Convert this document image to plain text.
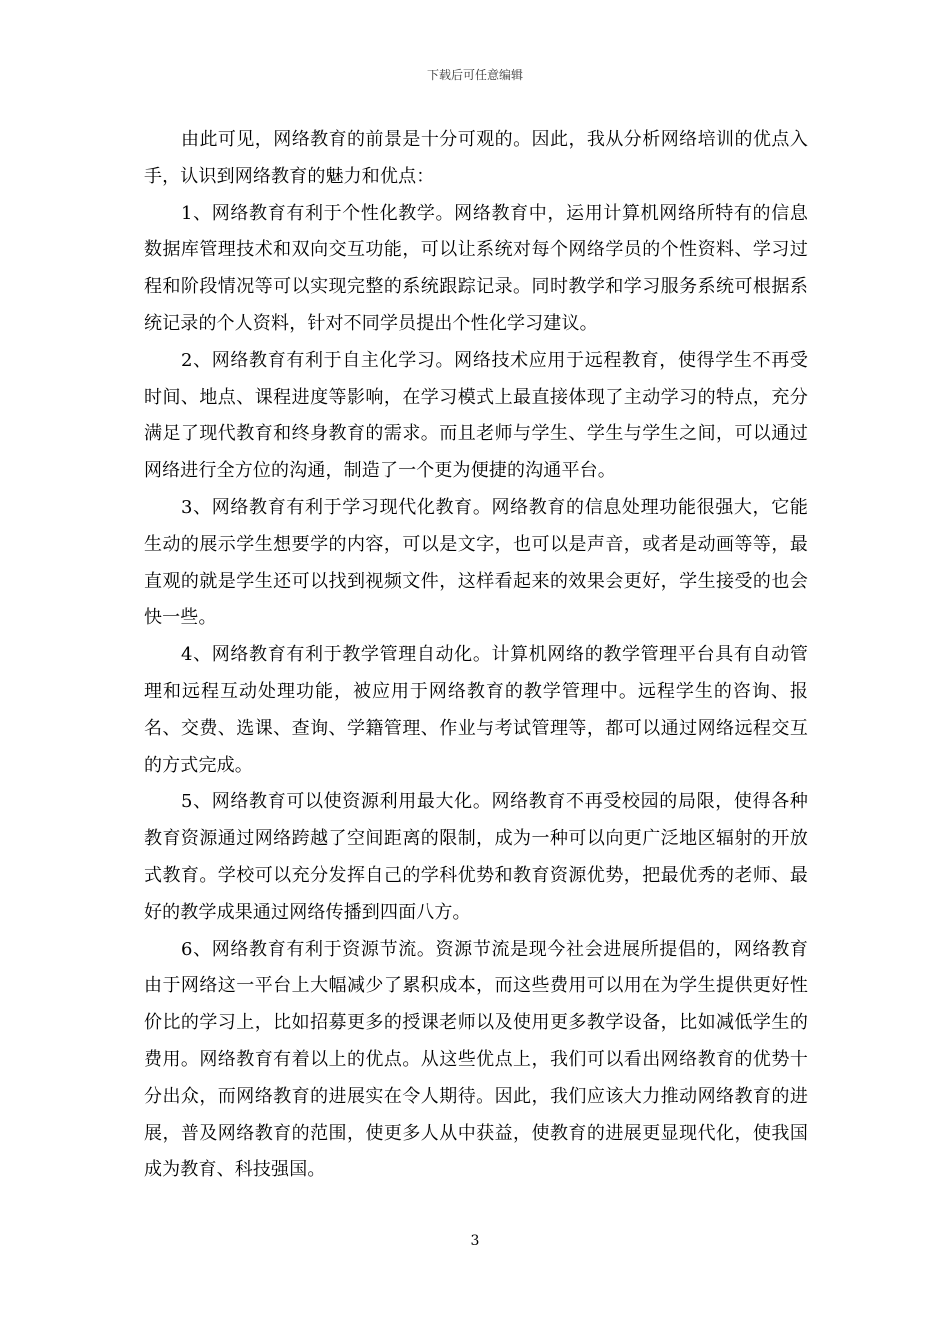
下载后可任意编辑

由此可见，网络教育的前景是十分可观的。因此，我从分析网络培训的优点入手，认识到网络教育的魅力和优点：

1、网络教育有利于个性化教学。网络教育中，运用计算机网络所特有的信息数据库管理技术和双向交互功能，可以让系统对每个网络学员的个性资料、学习过程和阶段情况等可以实现完整的系统跟踪记录。同时教学和学习服务系统可根据系统记录的个人资料，针对不同学员提出个性化学习建议。

2、网络教育有利于自主化学习。网络技术应用于远程教育，使得学生不再受时间、地点、课程进度等影响，在学习模式上最直接体现了主动学习的特点，充分满足了现代教育和终身教育的需求。而且老师与学生、学生与学生之间，可以通过网络进行全方位的沟通，制造了一个更为便捷的沟通平台。

3、网络教育有利于学习现代化教育。网络教育的信息处理功能很强大，它能生动的展示学生想要学的内容，可以是文字，也可以是声音，或者是动画等等，最直观的就是学生还可以找到视频文件，这样看起来的效果会更好，学生接受的也会快一些。

4、网络教育有利于教学管理自动化。计算机网络的教学管理平台具有自动管理和远程互动处理功能，被应用于网络教育的教学管理中。远程学生的咨询、报名、交费、选课、查询、学籍管理、作业与考试管理等，都可以通过网络远程交互的方式完成。

5、网络教育可以使资源利用最大化。网络教育不再受校园的局限，使得各种教育资源通过网络跨越了空间距离的限制，成为一种可以向更广泛地区辐射的开放式教育。学校可以充分发挥自己的学科优势和教育资源优势，把最优秀的老师、最好的教学成果通过网络传播到四面八方。

6、网络教育有利于资源节流。资源节流是现今社会进展所提倡的，网络教育由于网络这一平台上大幅减少了累积成本，而这些费用可以用在为学生提供更好性价比的学习上，比如招募更多的授课老师以及使用更多教学设备，比如减低学生的费用。网络教育有着以上的优点。从这些优点上，我们可以看出网络教育的优势十分出众，而网络教育的进展实在令人期待。因此，我们应该大力推动网络教育的进展，普及网络教育的范围，使更多人从中获益，使教育的进展更显现代化，使我国成为教育、科技强国。

3
